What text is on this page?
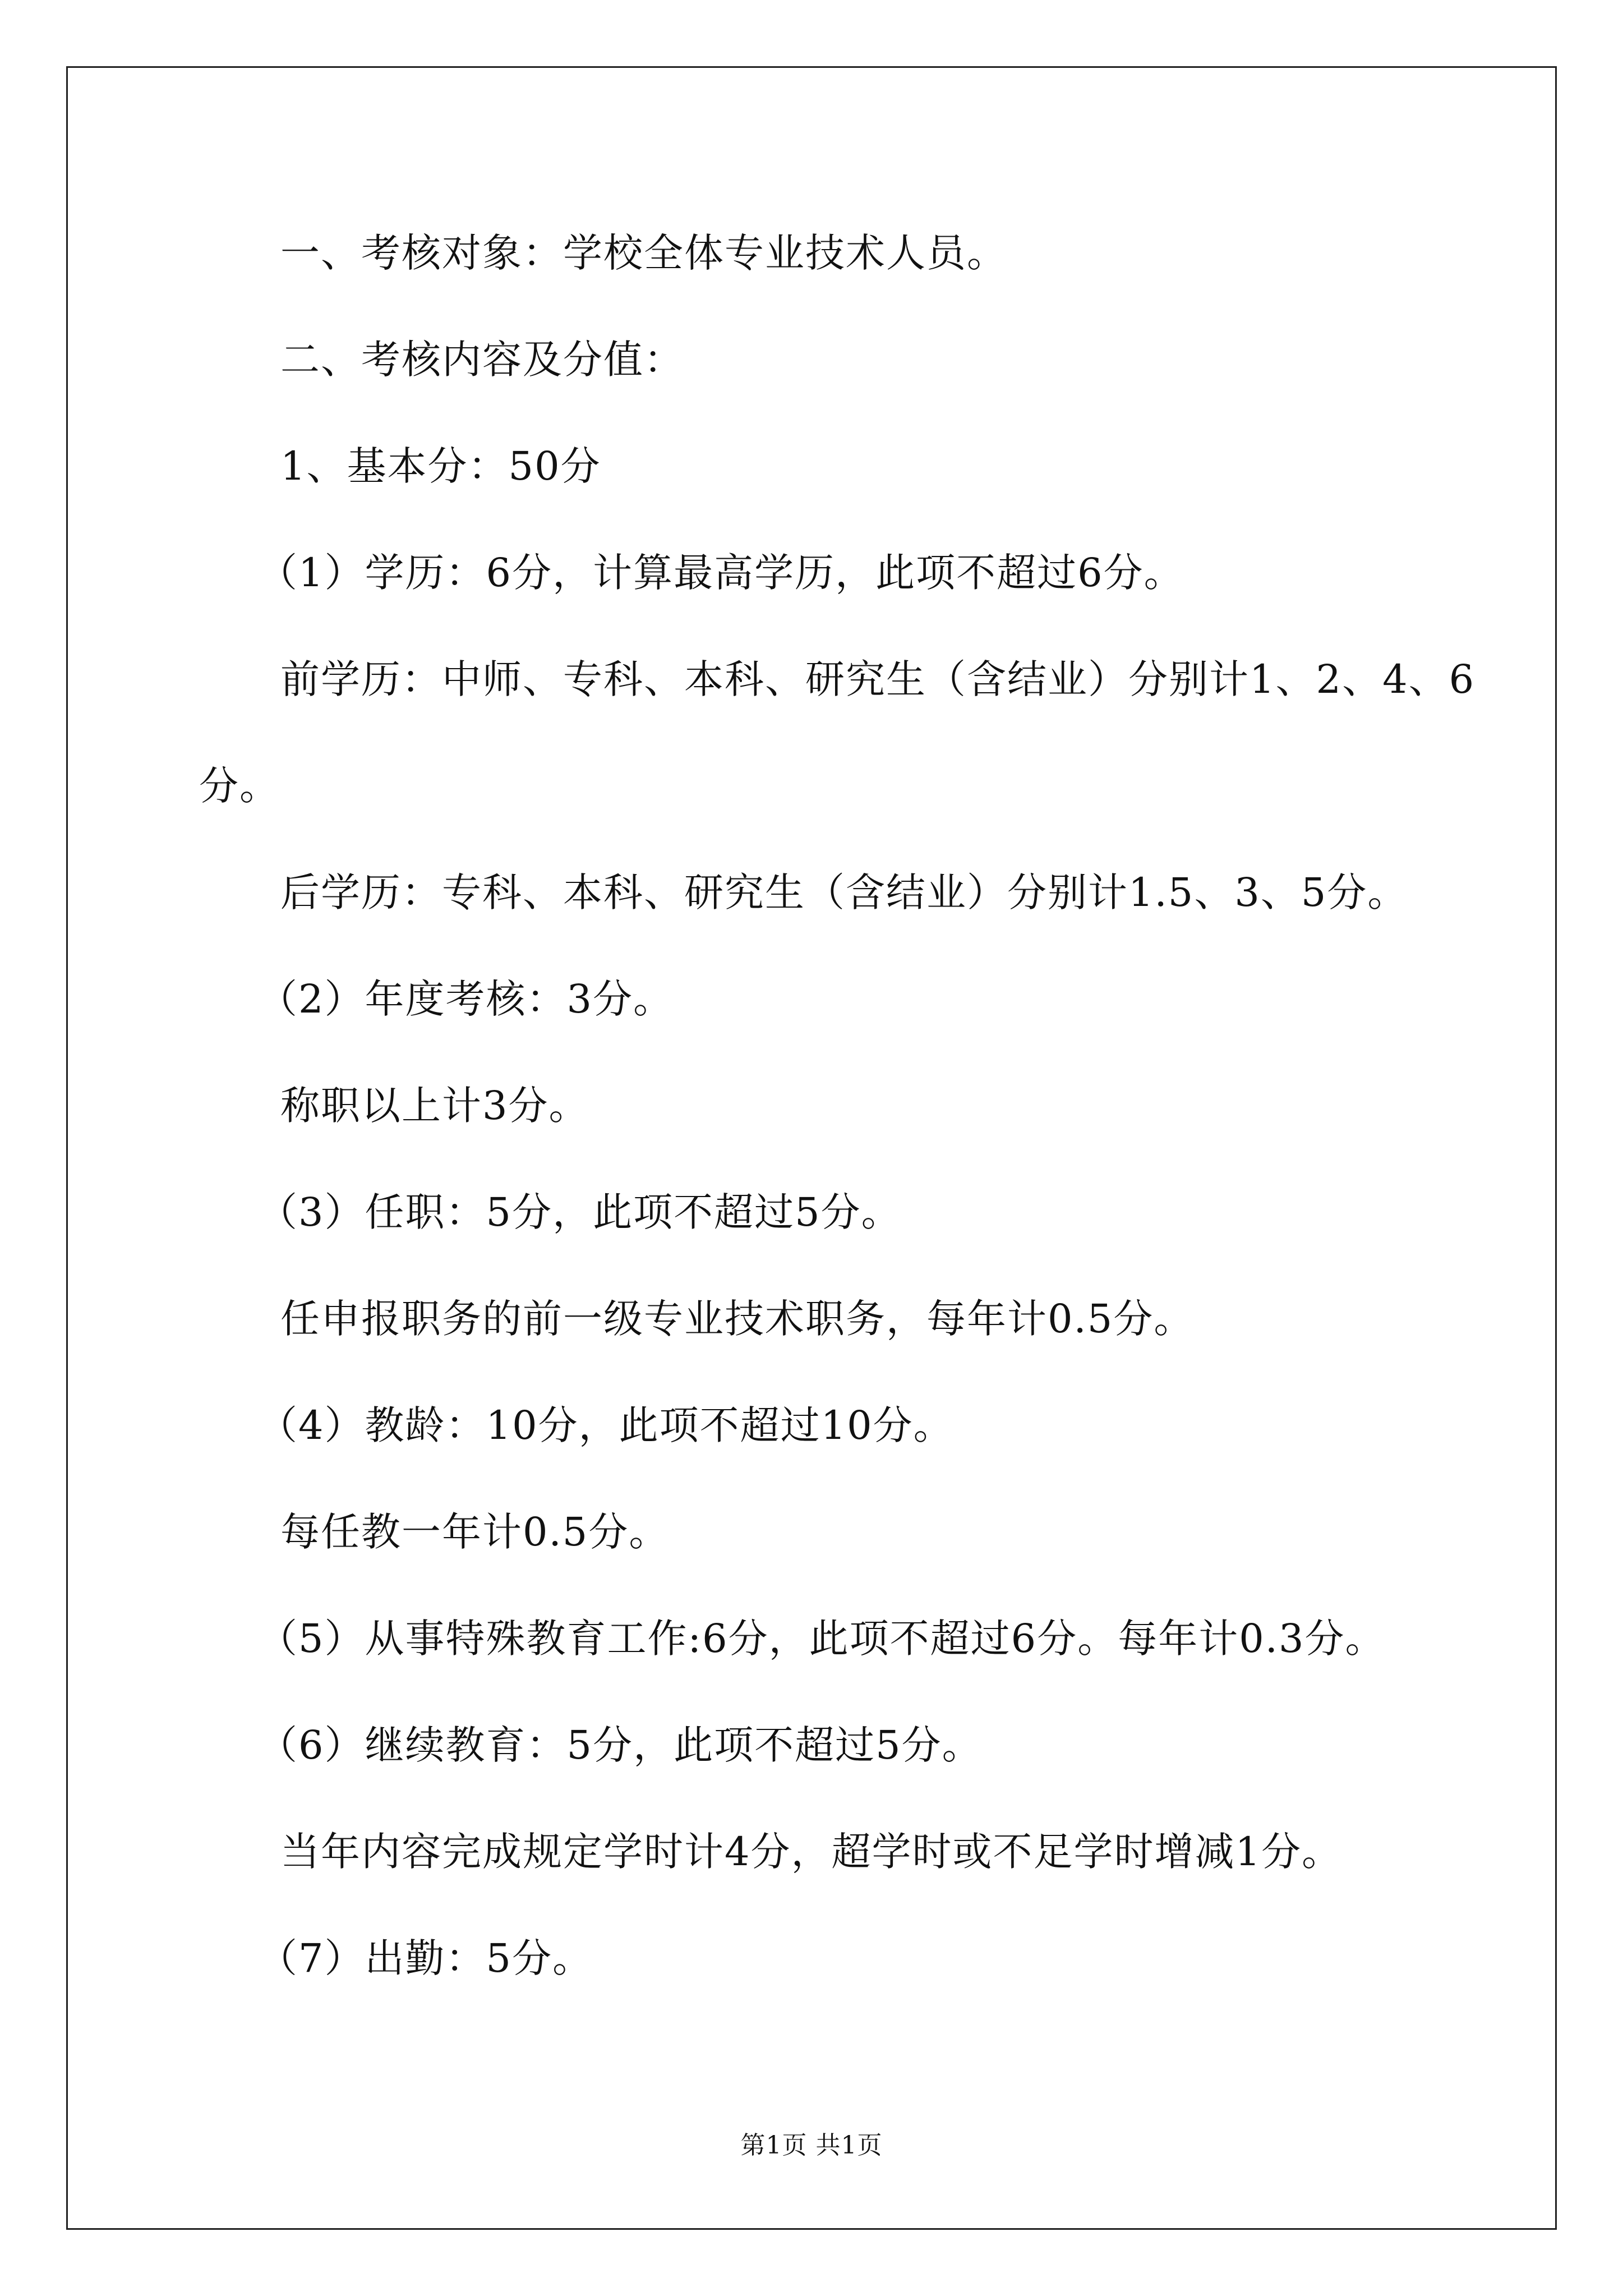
一、考核对象：学校全体专业技术人员。
二、考核内容及分值：
1、基本分：50分
（1）学历：6分，计算最高学历，此项不超过6分。
前学历：中师、专科、本科、研究生（含结业）分别计1、2、4、6
分。
后学历：专科、本科、研究生（含结业）分别计1.5、3、5分。
（2）年度考核：3分。
称职以上计3分。
（3）任职：5分，此项不超过5分。
任申报职务的前一级专业技术职务，每年计0.5分。
（4）教龄：10分，此项不超过10分。
每任教一年计0.5分。
（5）从事特殊教育工作:6分，此项不超过6分。每年计0.3分。
（6）继续教育：5分，此项不超过5分。
当年内容完成规定学时计4分，超学时或不足学时增减1分。
（7）出勤：5分。
第1页 共1页
